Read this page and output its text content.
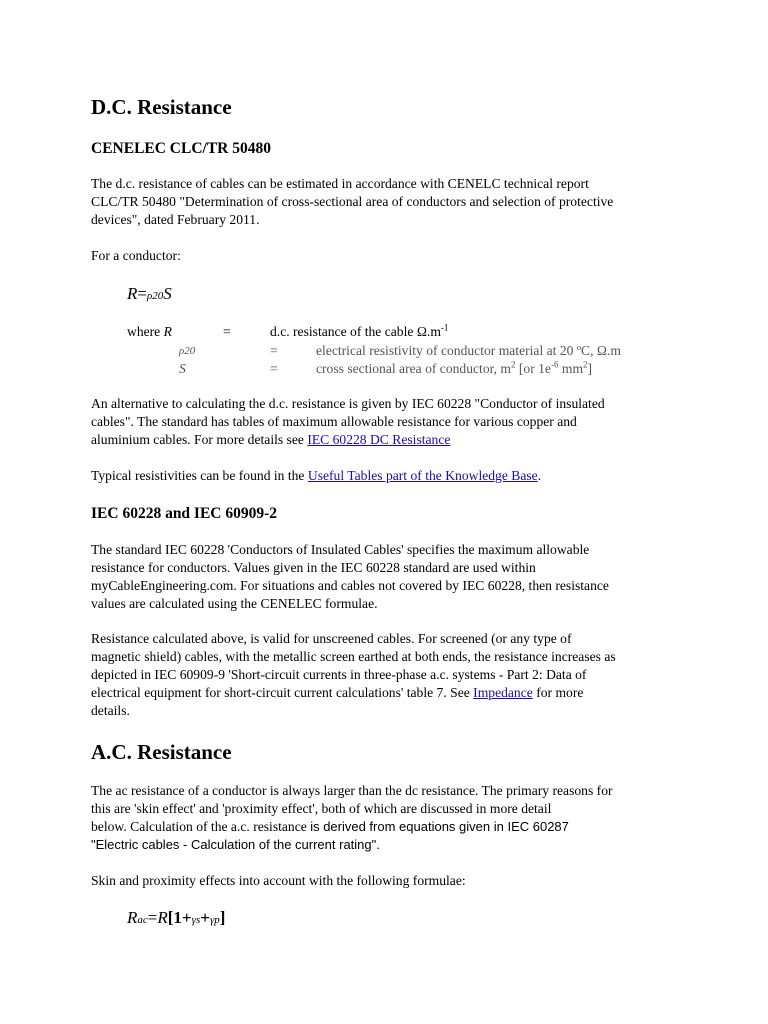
D.C. Resistance
CENELEC CLC/TR 50480
The d.c. resistance of cables can be estimated in accordance with CENELC technical report
CLC/TR 50480 "Determination of cross-sectional area of conductors and selection of protective
devices", dated February 2011.
For a conductor:
R=ρ20S
where R	=	d.c. resistance of the cable $\Omega.m^{-1}$
ρ20	=	electrical resistivity of conductor material at 20 ºC, Ω.m
S	=	cross sectional area of conductor, $m^2$ [or $1e^{-6}$ $mm^2$]
An alternative to calculating the d.c. resistance is given by IEC 60228 "Conductor of insulated
cables". The standard has tables of maximum allowable resistance for various copper and
aluminium cables. For more details see IEC 60228 DC Resistance
Typical resistivities can be found in the Useful Tables part of the Knowledge Base.
IEC 60228 and IEC 60909-2
The standard IEC 60228 'Conductors of Insulated Cables' specifies the maximum allowable
resistance for conductors. Values given in the IEC 60228 standard are used within
myCableEngineering.com. For situations and cables not covered by IEC 60228, then resistance
values are calculated using the CENELEC formulae.
Resistance calculated above, is valid for unscreened cables. For screened (or any type of
magnetic shield) cables, with the metallic screen earthed at both ends, the resistance increases as
depicted in IEC 60909-9 'Short-circuit currents in three-phase a.c. systems - Part 2: Data of
electrical equipment for short-circuit current calculations' table 7. See Impedance for more
details.
A.C. Resistance
The ac resistance of a conductor is always larger than the dc resistance. The primary reasons for
this are 'skin effect' and 'proximity effect', both of which are discussed in more detail
below. Calculation of the a.c. resistance is derived from equations given in IEC 60287
"Electric cables - Calculation of the current rating".
Skin and proximity effects into account with the following formulae:
Rac=R[1+γs+γp]
